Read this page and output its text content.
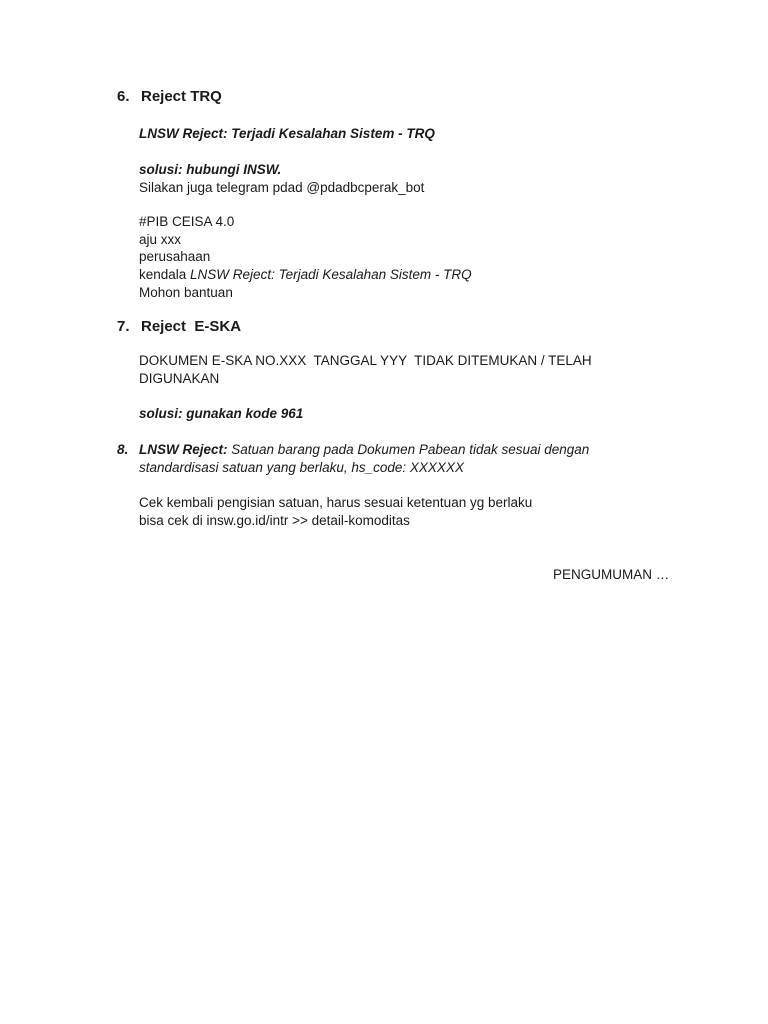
6. Reject TRQ
LNSW Reject: Terjadi Kesalahan Sistem - TRQ
solusi: hubungi INSW.
Silakan juga telegram pdad @pdadbcperak_bot
#PIB CEISA 4.0
aju xxx
perusahaan
kendala LNSW Reject: Terjadi Kesalahan Sistem - TRQ
Mohon bantuan
7. Reject  E-SKA
DOKUMEN E-SKA NO.XXX  TANGGAL YYY  TIDAK DITEMUKAN / TELAH
DIGUNAKAN
solusi: gunakan kode 961
8. LNSW Reject: Satuan barang pada Dokumen Pabean tidak sesuai dengan
standardisasi satuan yang berlaku, hs_code: XXXXXX
Cek kembali pengisian satuan, harus sesuai ketentuan yg berlaku
bisa cek di insw.go.id/intr >> detail-komoditas
PENGUMUMAN …
